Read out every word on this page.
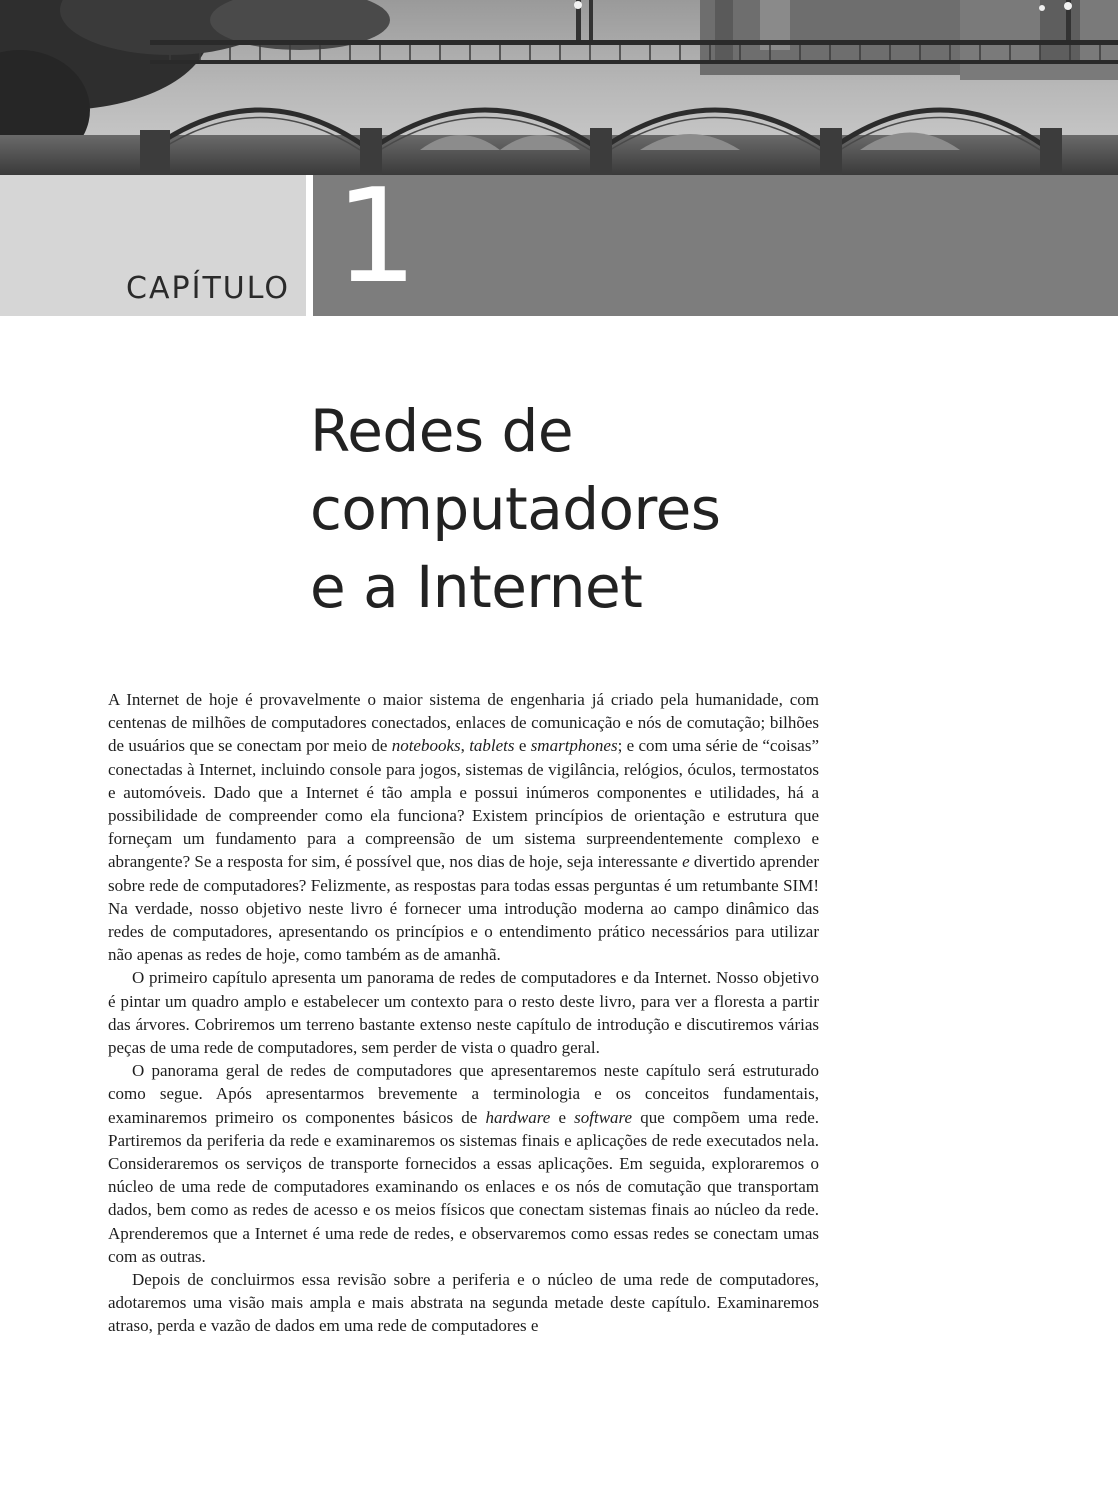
CAPÍTULO 1
Redes de
computadores
e a Internet

A Internet de hoje é provavelmente o maior sistema de engenharia já criado pela humanidade, com centenas de milhões de computadores conectados, enlaces de comunicação e nós de comutação; bilhões de usuários que se conectam por meio de notebooks, tablets e smartphones; e com uma série de “coisas” conectadas à Internet, incluindo console para jogos, sistemas de vigilância, relógios, óculos, termostatos e automóveis. Dado que a Internet é tão ampla e possui inúmeros componentes e utilidades, há a possibilidade de compreender como ela funciona? Existem princípios de orientação e estrutura que forneçam um fundamento para a compreensão de um sistema surpreendentemente complexo e abrangente? Se a resposta for sim, é possível que, nos dias de hoje, seja interessante e divertido aprender sobre rede de computadores? Felizmente, as respostas para todas essas perguntas é um retumbante SIM! Na verdade, nosso objetivo neste livro é fornecer uma introdução moderna ao campo dinâmico das redes de computadores, apresentando os princípios e o entendimento prático necessários para utilizar não apenas as redes de hoje, como também as de amanhã.

O primeiro capítulo apresenta um panorama de redes de computadores e da Internet. Nosso objetivo é pintar um quadro amplo e estabelecer um contexto para o resto deste livro, para ver a floresta a partir das árvores. Cobriremos um terreno bastante extenso neste capítulo de introdução e discutiremos várias peças de uma rede de computadores, sem perder de vista o quadro geral.

O panorama geral de redes de computadores que apresentaremos neste capítulo será estruturado como segue. Após apresentarmos brevemente a terminologia e os conceitos fundamentais, examinaremos primeiro os componentes básicos de hardware e software que compõem uma rede. Partiremos da periferia da rede e examinaremos os sistemas finais e aplicações de rede executados nela. Consideraremos os serviços de transporte fornecidos a essas aplicações. Em seguida, exploraremos o núcleo de uma rede de computadores examinando os enlaces e os nós de comutação que transportam dados, bem como as redes de acesso e os meios físicos que conectam sistemas finais ao núcleo da rede. Aprenderemos que a Internet é uma rede de redes, e observaremos como essas redes se conectam umas com as outras.

Depois de concluirmos essa revisão sobre a periferia e o núcleo de uma rede de computadores, adotaremos uma visão mais ampla e mais abstrata na segunda metade deste capítulo. Examinaremos atraso, perda e vazão de dados em uma rede de computadores e
